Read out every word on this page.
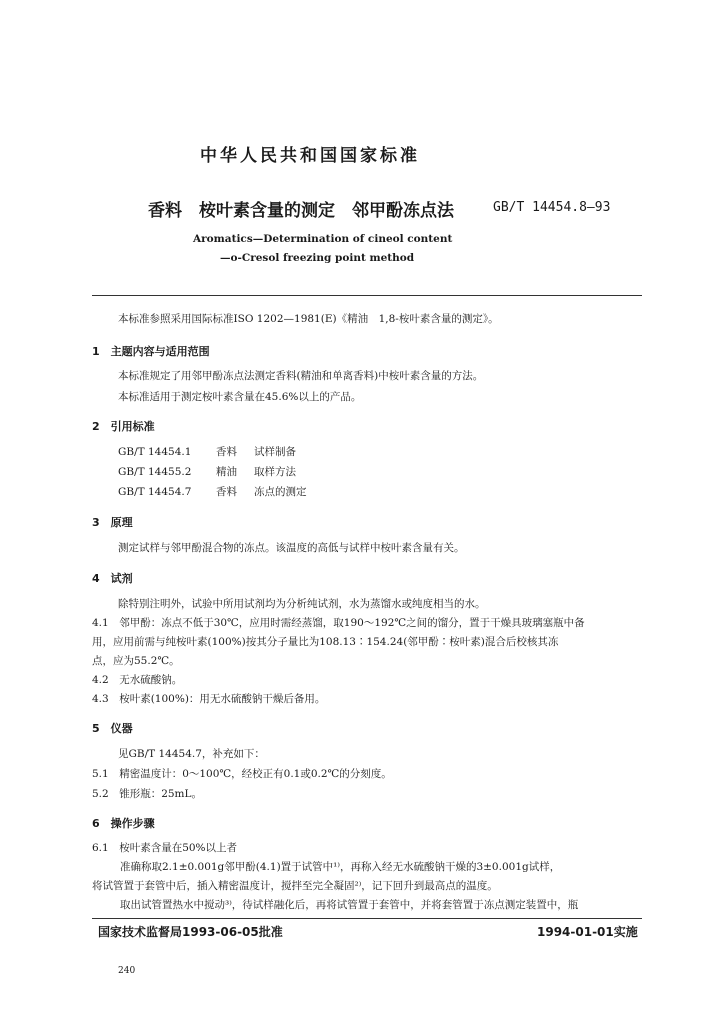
中华人民共和国国家标准
香料　桉叶素含量的测定　邻甲酚冻点法	GB/T 14454.8—93
Aromatics—Determination of cineol content
—o-Cresol freezing point method
本标准参照采用国际标准ISO 1202—1981(E)《精油　1,8-桉叶素含量的测定》。
1　主题内容与适用范围
本标准规定了用邻甲酚冻点法测定香料(精油和单离香料)中桉叶素含量的方法。
本标准适用于测定桉叶素含量在45.6%以上的产品。
2　引用标准
GB/T 14454.1 香料 试样制备
GB/T 14455.2 精油 取样方法
GB/T 14454.7 香料 冻点的测定
3　原理
测定试样与邻甲酚混合物的冻点。该温度的高低与试样中桉叶素含量有关。
4　试剂
除特别注明外，试验中所用试剂均为分析纯试剂，水为蒸馏水或纯度相当的水。
4.1　邻甲酚：冻点不低于30℃，应用时需经蒸馏，取190～192℃之间的馏分，置于干燥具玻璃塞瓶中备
用，应用前需与纯桉叶素(100%)按其分子量比为108.13∶154.24(邻甲酚∶桉叶素)混合后校核其冻
点，应为55.2℃。
4.2　无水硫酸钠。
4.3　桉叶素(100%)：用无水硫酸钠干燥后备用。
5　仪器
见GB/T 14454.7，补充如下：
5.1　精密温度计：0～100℃，经校正有0.1或0.2℃的分刻度。
5.2　锥形瓶：25mL。
6　操作步骤
6.1　桉叶素含量在50%以上者
准确称取2.1±0.001g邻甲酚(4.1)置于试管中¹⁾，再称入经无水硫酸钠干燥的3±0.001g试样，
将试管置于套管中后，插入精密温度计，搅拌至完全凝固²⁾，记下回升到最高点的温度。
取出试管置热水中搅动³⁾，待试样融化后，再将试管置于套管中，并将套管置于冻点测定装置中，瓶
国家技术监督局1993-06-05批准	1994-01-01实施
240
